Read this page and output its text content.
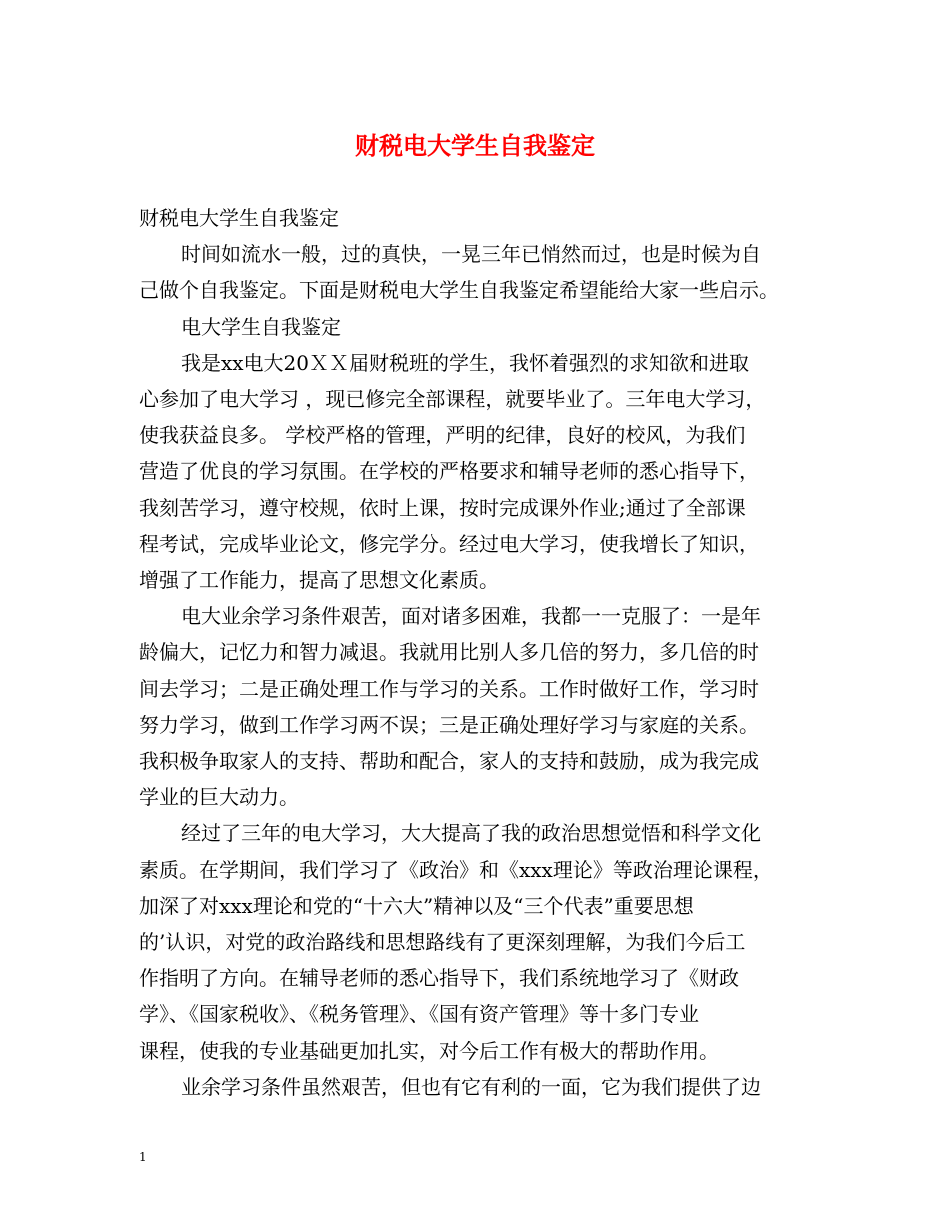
财税电大学生自我鉴定

财税电大学生自我鉴定

时间如流水一般，过的真快，一晃三年已悄然而过，也是时候为自

己做个自我鉴定。下面是财税电大学生自我鉴定希望能给大家一些启示。

电大学生自我鉴定

我是xx电大20ＸＸ届财税班的学生，我怀着强烈的求知欲和进取

心参加了电大学习 ，现已修完全部课程，就要毕业了。三年电大学习，

使我获益良多。 学校严格的管理，严明的纪律，良好的校风，为我们

营造了优良的学习氛围。在学校的严格要求和辅导老师的悉心指导下，

我刻苦学习，遵守校规，依时上课，按时完成课外作业;通过了全部课

程考试，完成毕业论文，修完学分。经过电大学习，使我增长了知识，

增强了工作能力，提高了思想文化素质。

电大业余学习条件艰苦，面对诸多困难，我都一一克服了：一是年

龄偏大，记忆力和智力减退。我就用比别人多几倍的努力，多几倍的时

间去学习；二是正确处理工作与学习的关系。工作时做好工作，学习时

努力学习，做到工作学习两不误；三是正确处理好学习与家庭的关系。

我积极争取家人的支持、帮助和配合，家人的支持和鼓励，成为我完成

学业的巨大动力。

经过了三年的电大学习，大大提高了我的政治思想觉悟和科学文化

素质。在学期间，我们学习了《政治》和《xxx理论》等政治理论课程，

加深了对xxx理论和党的“十六大”精神以及“三个代表”重要思想

的’认识，对党的政治路线和思想路线有了更深刻理解，为我们今后工

作指明了方向。在辅导老师的悉心指导下，我们系统地学习了《财政

学》、《国家税收》、《税务管理》、《国有资产管理》等十多门专业

课程，使我的专业基础更加扎实，对今后工作有极大的帮助作用。

业余学习条件虽然艰苦，但也有它有利的一面，它为我们提供了边

1
